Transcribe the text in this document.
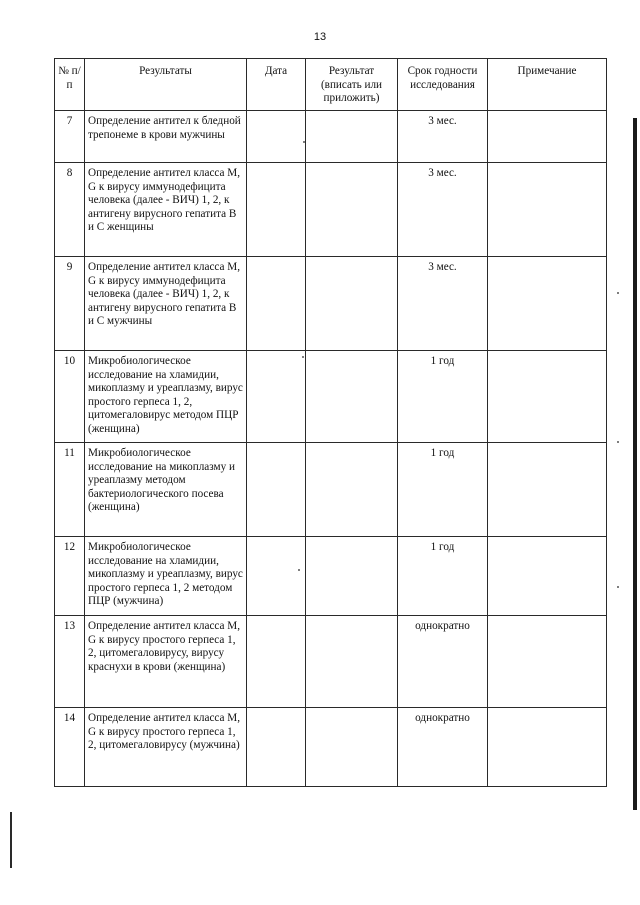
13
№ п/п	Результаты	Дата	Результат (вписать или приложить)	Срок годности исследования	Примечание
7	Определение антител к бледной трепонеме в крови мужчины			3 мес.	
8	Определение антител класса M, G к вирусу иммунодефицита человека (далее - ВИЧ) 1, 2, к антигену вирусного гепатита B и C женщины			3 мес.	
9	Определение антител класса M, G к вирусу иммунодефицита человека (далее - ВИЧ) 1, 2, к антигену вирусного гепатита B и C мужчины			3 мес.	
10	Микробиологическое исследование на хламидии, микоплазму и уреаплазму, вирус простого герпеса 1, 2, цитомегаловирус методом ПЦР (женщина)			1 год	
11	Микробиологическое исследование на микоплазму и уреаплазму методом бактериологического посева (женщина)			1 год	
12	Микробиологическое исследование на хламидии, микоплазму и уреаплазму, вирус простого герпеса 1, 2 методом ПЦР (мужчина)			1 год	
13	Определение антител класса M, G к вирусу простого герпеса 1, 2, цитомегаловирусу, вирусу краснухи в крови (женщина)			однократно	
14	Определение антител класса M, G к вирусу простого герпеса 1, 2, цитомегаловирусу (мужчина)			однократно	
